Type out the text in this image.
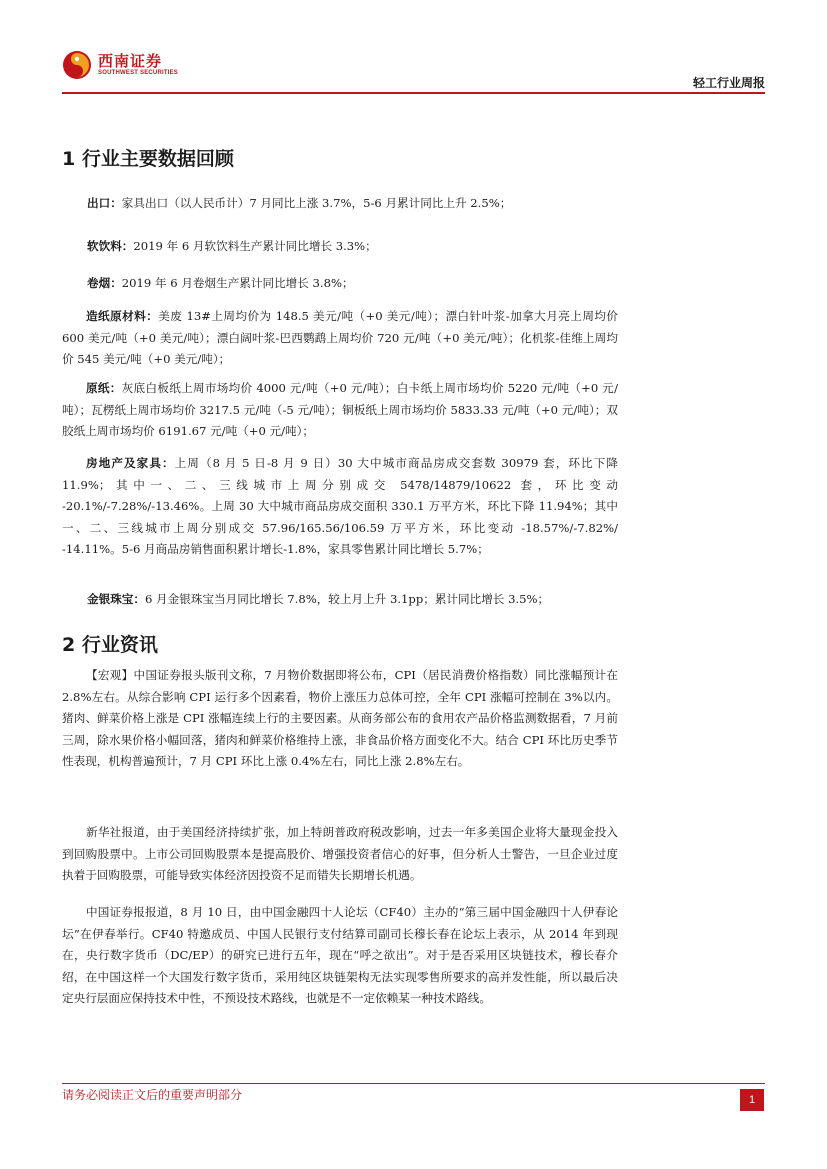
西南证券
SOUTHWEST SECURITIES
轻工行业周报
1 行业主要数据回顾
出口：家具出口（以人民币计）7 月同比上涨 3.7%，5-6 月累计同比上升 2.5%；
软饮料：2019 年 6 月软饮料生产累计同比增长 3.3%；
卷烟：2019 年 6 月卷烟生产累计同比增长 3.8%；
造纸原材料：美废 13#上周均价为 148.5 美元/吨（+0 美元/吨）；漂白针叶浆-加拿大月亮上周均价 600 美元/吨（+0 美元/吨）；漂白阔叶浆-巴西鹦鹉上周均价 720 元/吨（+0 美元/吨）；化机浆-佳维上周均价 545 美元/吨（+0 美元/吨）；
原纸：灰底白板纸上周市场均价 4000 元/吨（+0 元/吨）；白卡纸上周市场均价 5220 元/吨（+0 元/吨）；瓦楞纸上周市场均价 3217.5 元/吨（-5 元/吨）；铜板纸上周市场均价 5833.33 元/吨（+0 元/吨）；双胶纸上周市场均价 6191.67 元/吨（+0 元/吨）；
房地产及家具：上周（8 月 5 日-8 月 9 日）30 大中城市商品房成交套数 30979 套，环比下降 11.9%；其中一、二、三线城市上周分别成交 5478/14879/10622 套，环比变动 -20.1%/-7.28%/-13.46%。上周 30 大中城市商品房成交面积 330.1 万平方米，环比下降 11.94%；其中一、二、三线城市上周分别成交 57.96/165.56/106.59 万平方米，环比变动 -18.57%/-7.82%/ -14.11%。5-6 月商品房销售面积累计增长-1.8%，家具零售累计同比增长 5.7%；
金银珠宝：6 月金银珠宝当月同比增长 7.8%，较上月上升 3.1pp；累计同比增长 3.5%；
2 行业资讯
【宏观】中国证券报头版刊文称，7 月物价数据即将公布，CPI（居民消费价格指数）同比涨幅预计在 2.8%左右。从综合影响 CPI 运行多个因素看，物价上涨压力总体可控，全年 CPI 涨幅可控制在 3%以内。猪肉、鲜菜价格上涨是 CPI 涨幅连续上行的主要因素。从商务部公布的食用农产品价格监测数据看，7 月前三周，除水果价格小幅回落，猪肉和鲜菜价格维持上涨，非食品价格方面变化不大。结合 CPI 环比历史季节性表现，机构普遍预计，7 月 CPI 环比上涨 0.4%左右，同比上涨 2.8%左右。
新华社报道，由于美国经济持续扩张，加上特朗普政府税改影响，过去一年多美国企业将大量现金投入到回购股票中。上市公司回购股票本是提高股价、增强投资者信心的好事，但分析人士警告，一旦企业过度执着于回购股票，可能导致实体经济因投资不足而错失长期增长机遇。
中国证券报报道，8 月 10 日，由中国金融四十人论坛（CF40）主办的“第三届中国金融四十人伊春论坛”在伊春举行。CF40 特邀成员、中国人民银行支付结算司副司长穆长春在论坛上表示，从 2014 年到现在，央行数字货币（DC/EP）的研究已进行五年，现在“呼之欲出”。对于是否采用区块链技术，穆长春介绍，在中国这样一个大国发行数字货币，采用纯区块链架构无法实现零售所要求的高并发性能，所以最后决定央行层面应保持技术中性，不预设技术路线，也就是不一定依赖某一种技术路线。
请务必阅读正文后的重要声明部分	1
